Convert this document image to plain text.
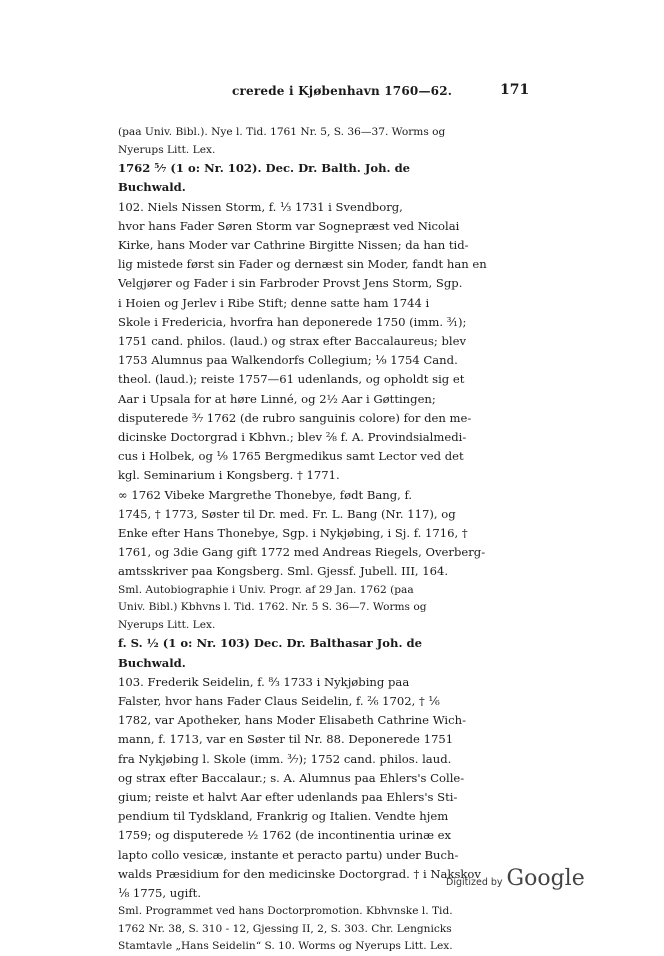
crerede i Kjøbenhavn 1760—62.	171
(paa Univ. Bibl.). Nye l. Tid. 1761 Nr. 5, S. 36—37. Worms og
Nyerups Litt. Lex.
1762 ⁵⁄₇ (1 o: Nr. 102). Dec. Dr. Balth. Joh. de
Buchwald.
102. Niels Nissen Storm, f. ¹⁄₃ 1731 i Svendborg,
hvor hans Fader Søren Storm var Sognepræst ved Nicolai
Kirke, hans Moder var Cathrine Birgitte Nissen; da han tid-
lig mistede først sin Fader og dernæst sin Moder, fandt han en
Velgjører og Fader i sin Farbroder Provst Jens Storm, Sgp.
i Hoien og Jerlev i Ribe Stift; denne satte ham 1744 i
Skole i Fredericia, hvorfra han deponerede 1750 (imm. ³⁄₁);
1751 cand. philos. (laud.) og strax efter Baccalaureus; blev
1753 Alumnus paa Walkendorfs Collegium; ¹⁄₉ 1754 Cand.
theol. (laud.); reiste 1757—61 udenlands, og opholdt sig et
Aar i Upsala for at høre Linné, og 2½ Aar i Gøttingen;
disputerede ³⁄₇ 1762 (de rubro sanguinis colore) for den me-
dicinske Doctorgrad i Kbhvn.; blev ²⁄₈ f. A. Provindsialmedi-
cus i Holbek, og ¹⁄₉ 1765 Bergmedikus samt Lector ved det
kgl. Seminarium i Kongsberg. † 1771.
∞ 1762 Vibeke Margrethe Thonebye, født Bang, f.
1745, † 1773, Søster til Dr. med. Fr. L. Bang (Nr. 117), og
Enke efter Hans Thonebye, Sgp. i Nykjøbing, i Sj. f. 1716, †
1761, og 3die Gang gift 1772 med Andreas Riegels, Overberg-
amtsskriver paa Kongsberg. Sml. Gjessf. Jubell. III, 164.
Sml. Autobiographie i Univ. Progr. af 29 Jan. 1762 (paa
Univ. Bibl.) Kbhvns l. Tid. 1762. Nr. 5 S. 36—7. Worms og
Nyerups Litt. Lex.
f. S. ½ (1 o: Nr. 103) Dec. Dr. Balthasar Joh. de
Buchwald.
103. Frederik Seidelin, f. ⁸⁄₃ 1733 i Nykjøbing paa
Falster, hvor hans Fader Claus Seidelin, f. ²⁄₆ 1702, † ¹⁄₆
1782, var Apotheker, hans Moder Elisabeth Cathrine Wich-
mann, f. 1713, var en Søster til Nr. 88. Deponerede 1751
fra Nykjøbing l. Skole (imm. ³⁄₇); 1752 cand. philos. laud.
og strax efter Baccalaur.; s. A. Alumnus paa Ehlers's Colle-
gium; reiste et halvt Aar efter udenlands paa Ehlers's Sti-
pendium til Tydskland, Frankrig og Italien. Vendte hjem
1759; og disputerede ½ 1762 (de incontinentia urinæ ex
lapto collo vesicæ, instante et peracto partu) under Buch-
walds Præsidium for den medicinske Doctorgrad. † i Nakskov
¹⁄₈ 1775, ugift.
Sml. Programmet ved hans Doctorpromotion. Kbhvnske l. Tid.
1762 Nr. 38, S. 310 - 12, Gjessing II, 2, S. 303. Chr. Lengnicks
Stamtavle „Hans Seidelin“ S. 10. Worms og Nyerups Litt. Lex.
Digitized by Google
